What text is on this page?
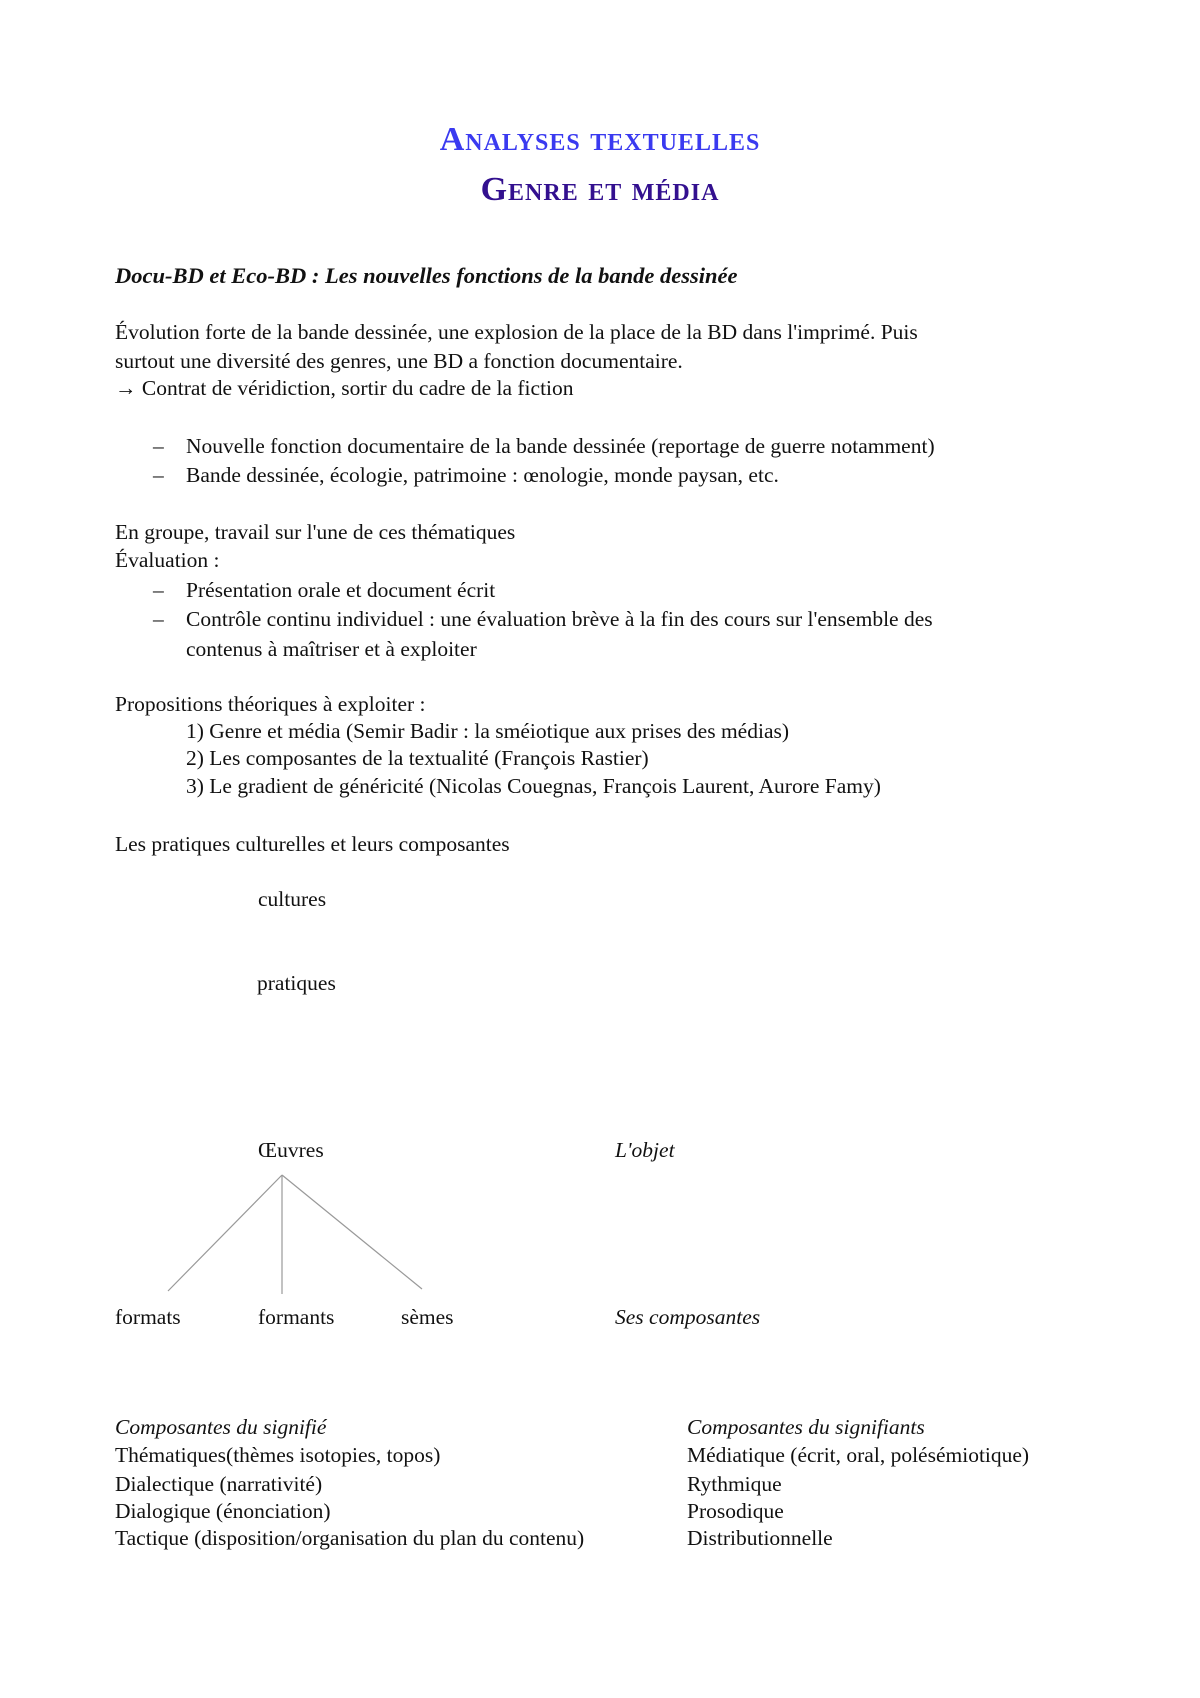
Analyses textuelles
Genre et média
Docu-BD et Eco-BD : Les nouvelles fonctions de la bande dessinée
Évolution forte de la bande dessinée, une explosion de la place de la BD dans l'imprimé. Puis
surtout une diversité des genres, une BD a fonction documentaire.
→ Contrat de véridiction, sortir du cadre de la fiction
– Nouvelle fonction documentaire de la bande dessinée (reportage de guerre notamment)
– Bande dessinée, écologie, patrimoine : œnologie, monde paysan, etc.
En groupe, travail sur l'une de ces thématiques
Évaluation :
– Présentation orale et document écrit
– Contrôle continu individuel : une évaluation brève à la fin des cours sur l'ensemble des
contenus à maîtriser et à exploiter
Propositions théoriques à exploiter :
1) Genre et média (Semir Badir : la sméiotique aux prises des médias)
2) Les composantes de la textualité (François Rastier)
3) Le gradient de généricité (Nicolas Couegnas, François Laurent, Aurore Famy)
Les pratiques culturelles et leurs composantes
cultures
pratiques
Œuvres	L'objet
formats	formants	sèmes	Ses composantes
Composantes du signifié
Thématiques(thèmes isotopies, topos)
Dialectique (narrativité)
Dialogique (énonciation)
Tactique (disposition/organisation du plan du contenu)
Composantes du signifiants
Médiatique (écrit, oral, polésémiotique)
Rythmique
Prosodique
Distributionnelle
